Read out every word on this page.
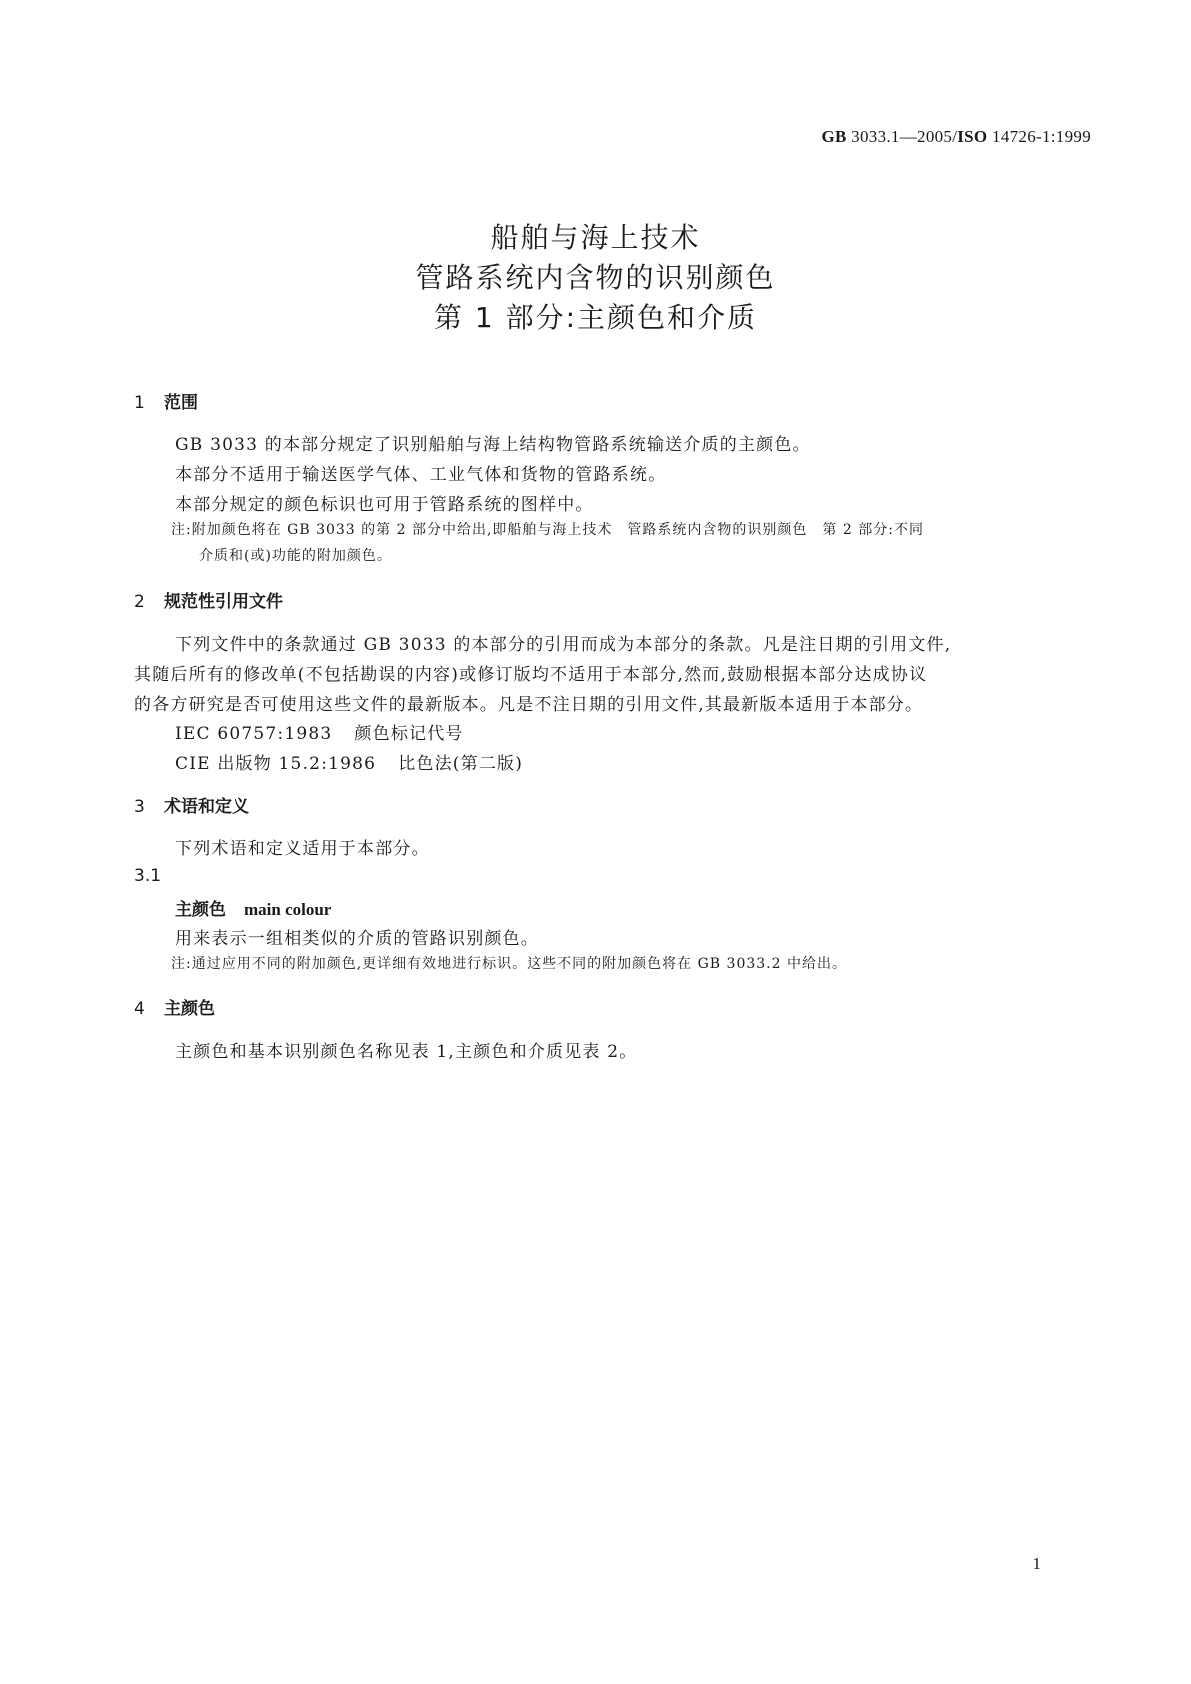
GB 3033.1—2005/ISO 14726-1:1999
船舶与海上技术
管路系统内含物的识别颜色
第 1 部分:主颜色和介质
1 范围
GB 3033 的本部分规定了识别船舶与海上结构物管路系统输送介质的主颜色。
本部分不适用于输送医学气体、工业气体和货物的管路系统。
本部分规定的颜色标识也可用于管路系统的图样中。
注:附加颜色将在 GB 3033 的第 2 部分中给出,即船舶与海上技术　管路系统内含物的识别颜色　第 2 部分:不同
介质和(或)功能的附加颜色。
2 规范性引用文件
下列文件中的条款通过 GB 3033 的本部分的引用而成为本部分的条款。凡是注日期的引用文件,
其随后所有的修改单(不包括勘误的内容)或修订版均不适用于本部分,然而,鼓励根据本部分达成协议
的各方研究是否可使用这些文件的最新版本。凡是不注日期的引用文件,其最新版本适用于本部分。
IEC 60757:1983 颜色标记代号
CIE 出版物 15.2:1986 比色法(第二版)
3 术语和定义
下列术语和定义适用于本部分。
3.1
主颜色 main colour
用来表示一组相类似的介质的管路识别颜色。
注:通过应用不同的附加颜色,更详细有效地进行标识。这些不同的附加颜色将在 GB 3033.2 中给出。
4 主颜色
主颜色和基本识别颜色名称见表 1,主颜色和介质见表 2。
1
